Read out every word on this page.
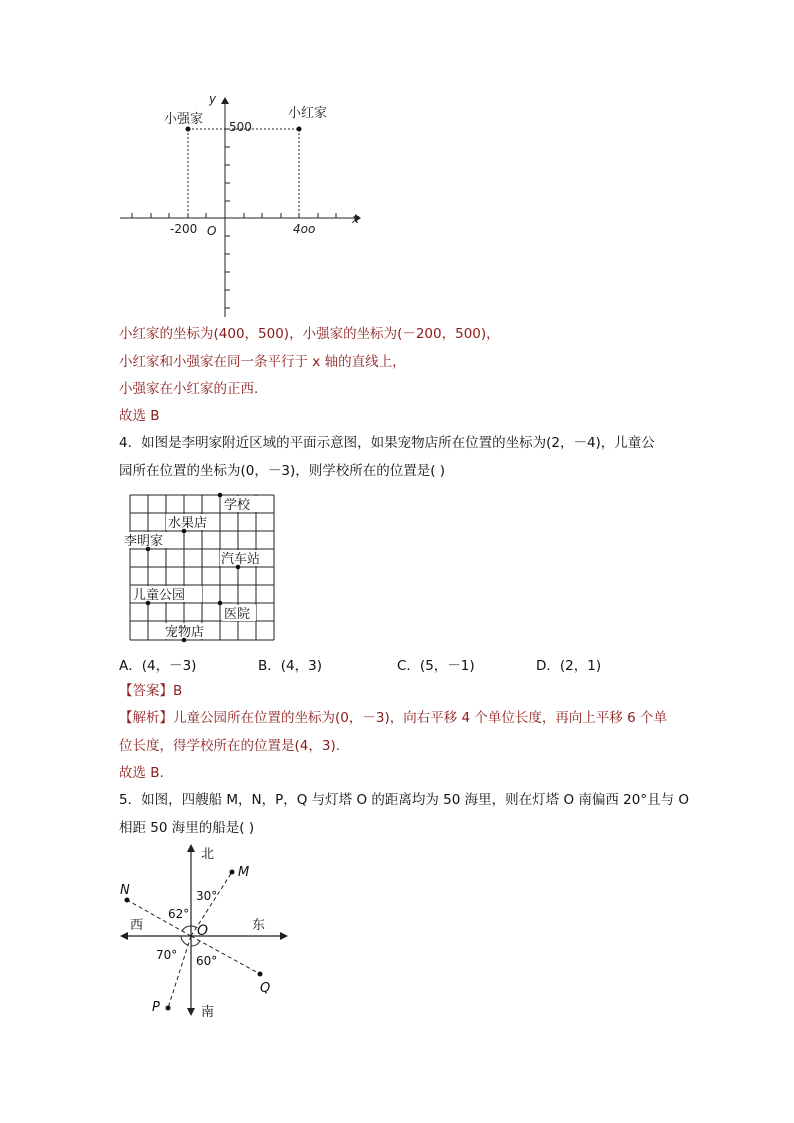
y
x
O
-200	4oo
500
小强家	小红家
小红家的坐标为(400，500)，小强家的坐标为(－200，500)，
小红家和小强家在同一条平行于 x 轴的直线上，
小强家在小红家的正西．
故选 B
4．如图是李明家附近区域的平面示意图，如果宠物店所在位置的坐标为(2，－4)，儿童公
园所在位置的坐标为(0，－3)，则学校所在的位置是( )
学校
水果店
李明家
汽车站
儿童公园
医院
宠物店
A．(4，－3)	B．(4，3)	C．(5，－1)	D．(2，1)
【答案】B
【解析】儿童公园所在位置的坐标为(0，－3)，向右平移 4 个单位长度，再向上平移 6 个单
位长度，得学校所在的位置是(4，3).
故选 B.
5．如图，四艘船 M，N，P，Q 与灯塔 O 的距离均为 50 海里，则在灯塔 O 南偏西 20°且与 O
相距 50 海里的船是( )
北
南
西	东
O
M
N
P
Q
30°
62°
70° 60°
